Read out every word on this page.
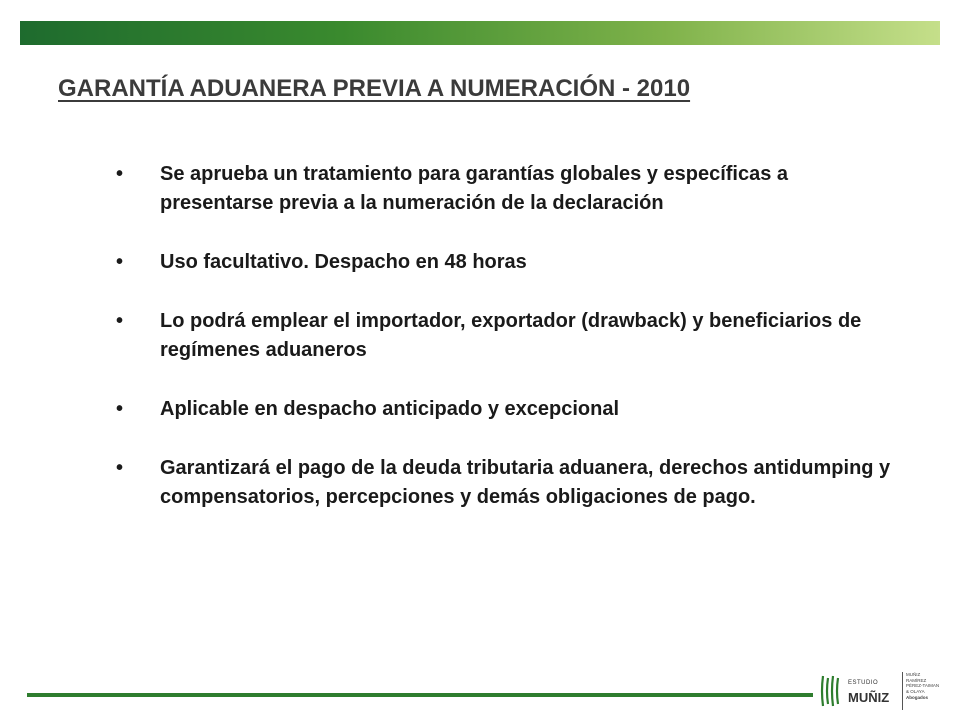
GARANTÍA ADUANERA PREVIA A NUMERACIÓN - 2010
• Se aprueba un tratamiento para garantías globales y específicas a presentarse previa a la numeración de la declaración
• Uso facultativo. Despacho en 48 horas
• Lo podrá emplear el importador, exportador (drawback) y beneficiarios de regímenes aduaneros
• Aplicable en despacho anticipado y excepcional
• Garantizará el pago de la deuda tributaria aduanera, derechos antidumping y compensatorios, percepciones y demás obligaciones de pago.
ESTUDIO
MUÑIZ
MUÑIZ
RAMÍREZ
PÉREZ-TAIMAN
& OLAYA
Abogados
